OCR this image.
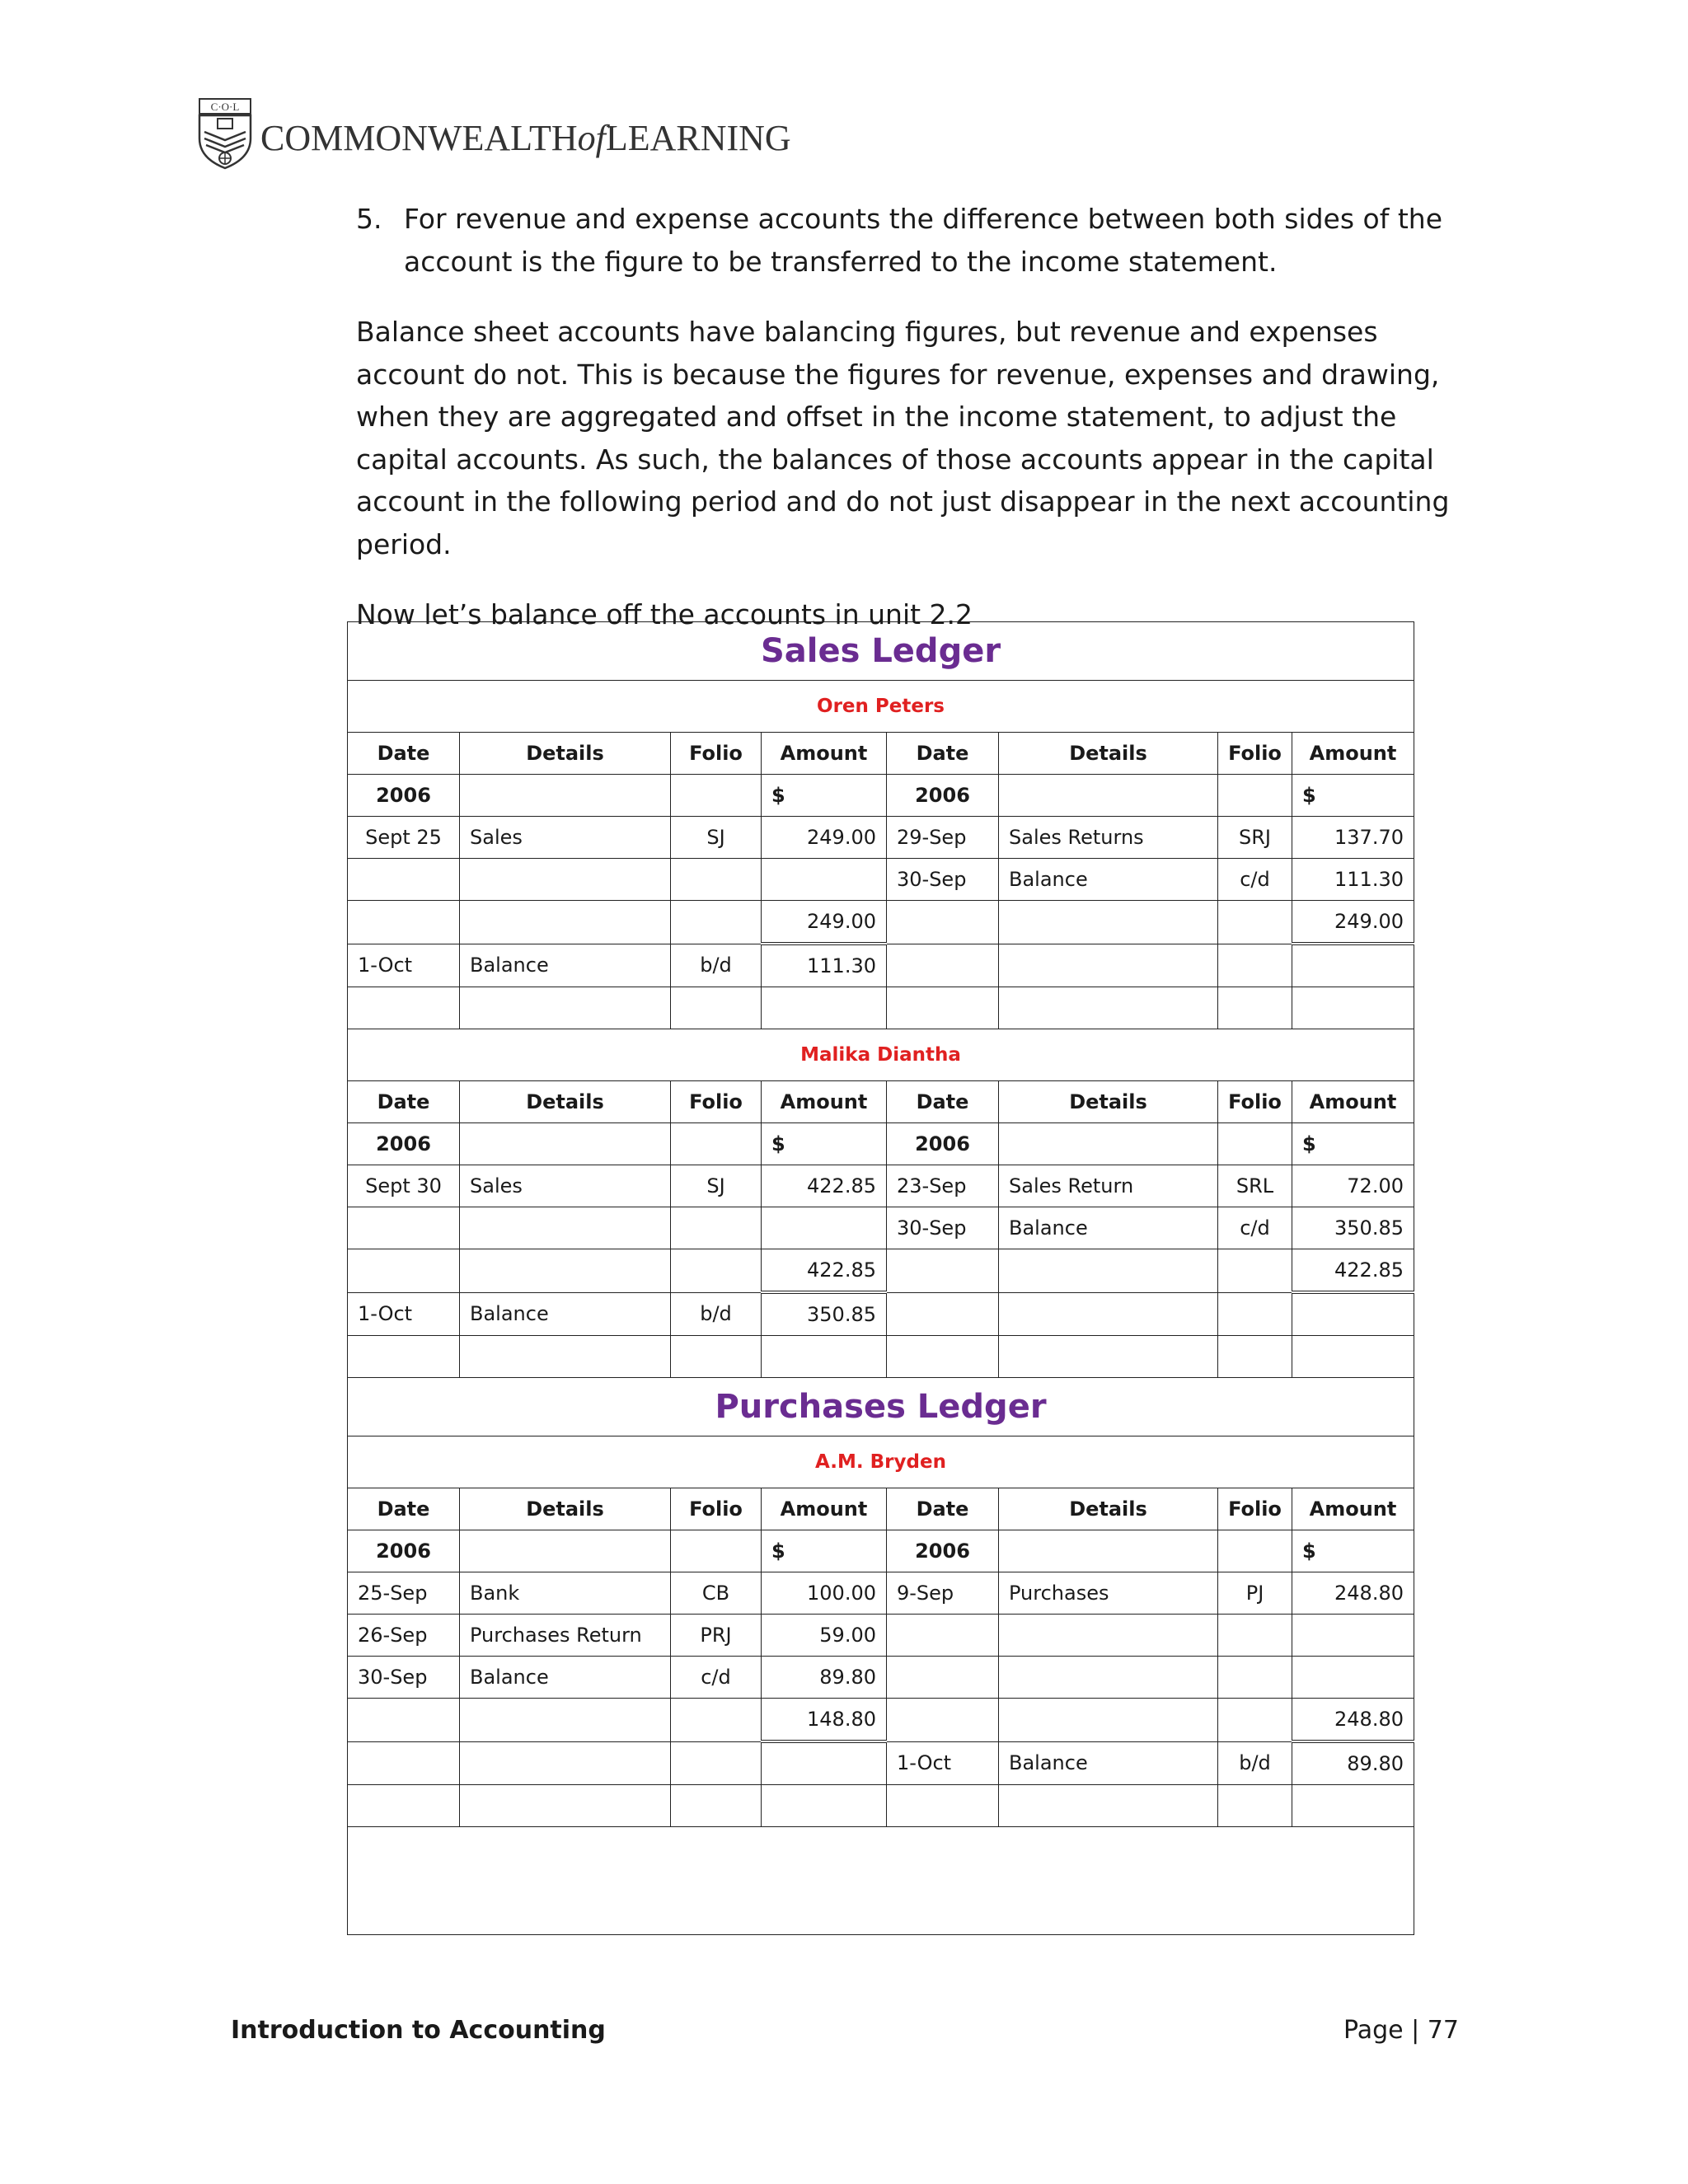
C·O·L
COMMONWEALTHofLEARNING
5. For revenue and expense accounts the difference between both sides of the account is the figure to be transferred to the income statement.

Balance sheet accounts have balancing figures, but revenue and expenses account do not. This is because the figures for revenue, expenses and drawing, when they are aggregated and offset in the income statement, to adjust the capital accounts. As such, the balances of those accounts appear in the capital account in the following period and do not just disappear in the next accounting period.

Now let’s balance off the accounts in unit 2.2

Sales Ledger							
Oren Peters							
Date	Details	Folio	Amount	Date	Details	Folio	Amount
2006			$	2006			$
Sept 25	Sales	SJ	249.00	29-Sep	Sales Returns	SRJ	137.70
				30-Sep	Balance	c/d	111.30
			249.00				249.00
1-Oct	Balance	b/d	111.30				

Malika Diantha							
Date	Details	Folio	Amount	Date	Details	Folio	Amount
2006			$	2006			$
Sept 30	Sales	SJ	422.85	23-Sep	Sales Return	SRL	72.00
				30-Sep	Balance	c/d	350.85
			422.85				422.85
1-Oct	Balance	b/d	350.85				

Purchases Ledger							
A.M. Bryden							
Date	Details	Folio	Amount	Date	Details	Folio	Amount
2006			$	2006			$
25-Sep	Bank	CB	100.00	9-Sep	Purchases	PJ	248.80
26-Sep	Purchases Return	PRJ	59.00				
30-Sep	Balance	c/d	89.80				
			148.80				248.80
				1-Oct	Balance	b/d	89.80

Introduction to Accounting	Page | 77
